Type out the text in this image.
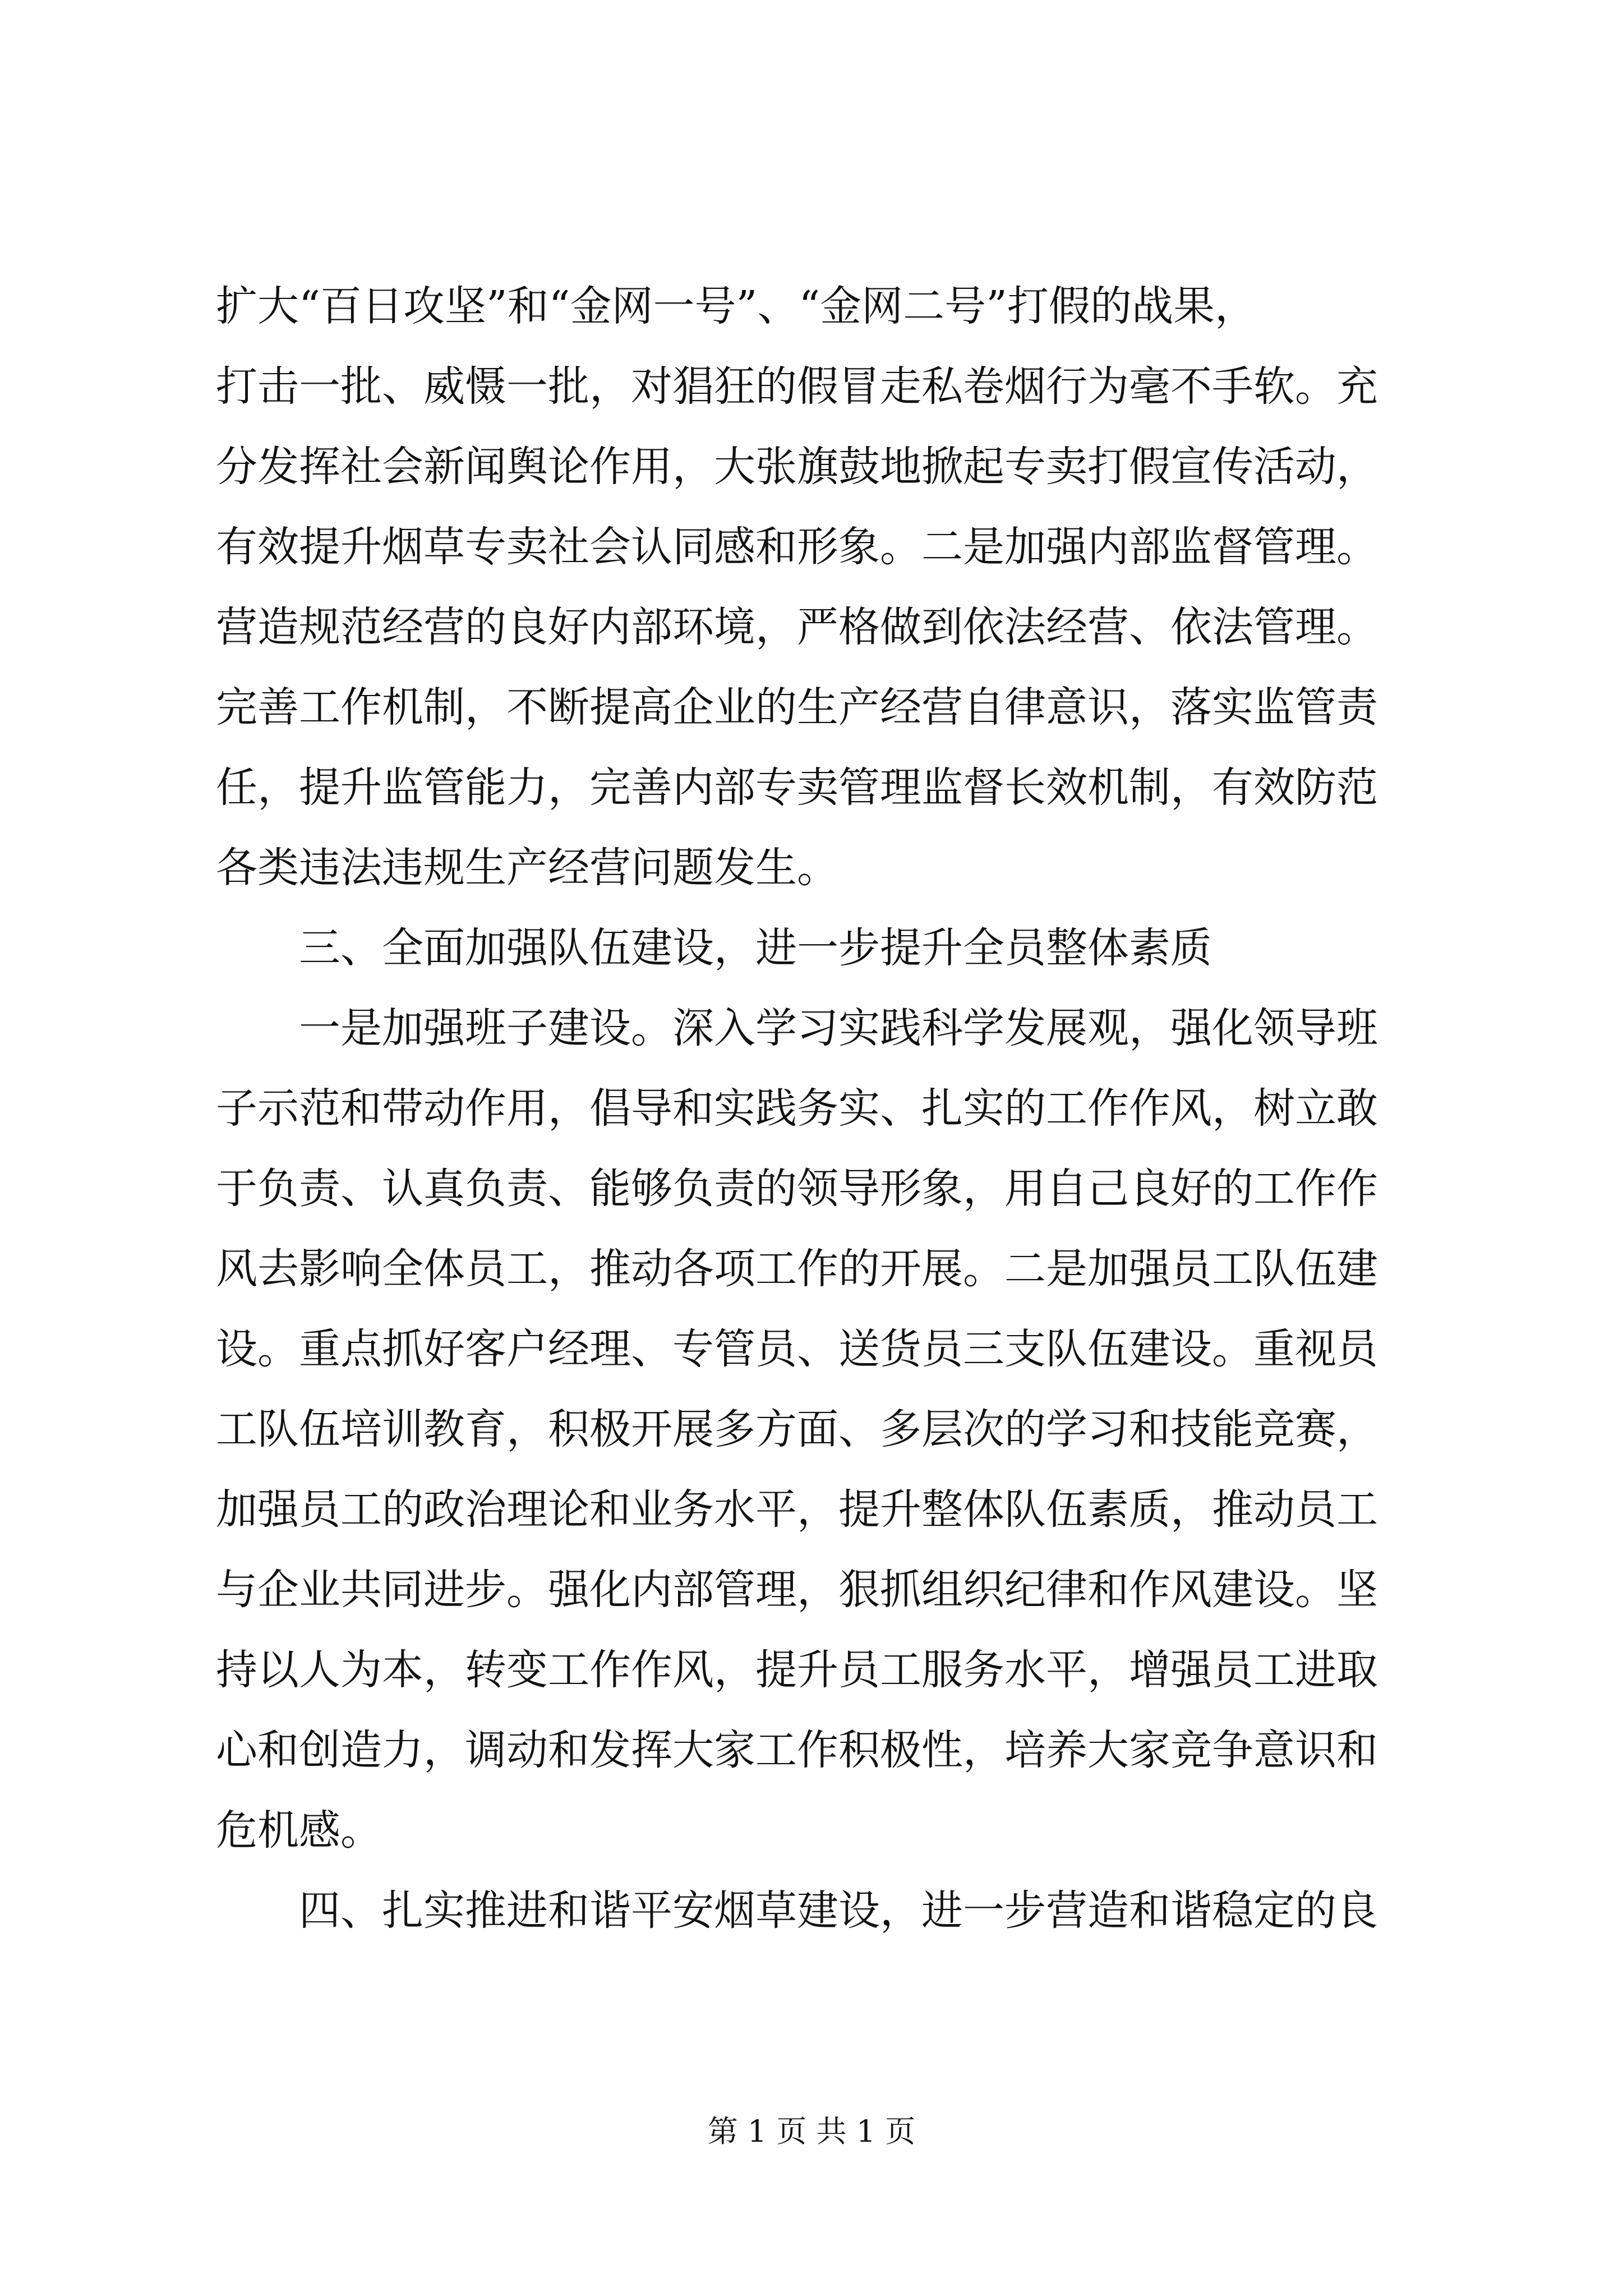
扩大“百日攻坚”和“金网一号”、“金网二号”打假的战果，
打击一批、威慑一批，对猖狂的假冒走私卷烟行为毫不手软。充
分发挥社会新闻舆论作用，大张旗鼓地掀起专卖打假宣传活动，
有效提升烟草专卖社会认同感和形象。二是加强内部监督管理。
营造规范经营的良好内部环境，严格做到依法经营、依法管理。
完善工作机制，不断提高企业的生产经营自律意识，落实监管责
任，提升监管能力，完善内部专卖管理监督长效机制，有效防范
各类违法违规生产经营问题发生。
三、全面加强队伍建设，进一步提升全员整体素质
一是加强班子建设。深入学习实践科学发展观，强化领导班
子示范和带动作用，倡导和实践务实、扎实的工作作风，树立敢
于负责、认真负责、能够负责的领导形象，用自己良好的工作作
风去影响全体员工，推动各项工作的开展。二是加强员工队伍建
设。重点抓好客户经理、专管员、送货员三支队伍建设。重视员
工队伍培训教育，积极开展多方面、多层次的学习和技能竞赛，
加强员工的政治理论和业务水平，提升整体队伍素质，推动员工
与企业共同进步。强化内部管理，狠抓组织纪律和作风建设。坚
持以人为本，转变工作作风，提升员工服务水平，增强员工进取
心和创造力，调动和发挥大家工作积极性，培养大家竞争意识和
危机感。
四、扎实推进和谐平安烟草建设，进一步营造和谐稳定的良
第 1 页 共 1 页
